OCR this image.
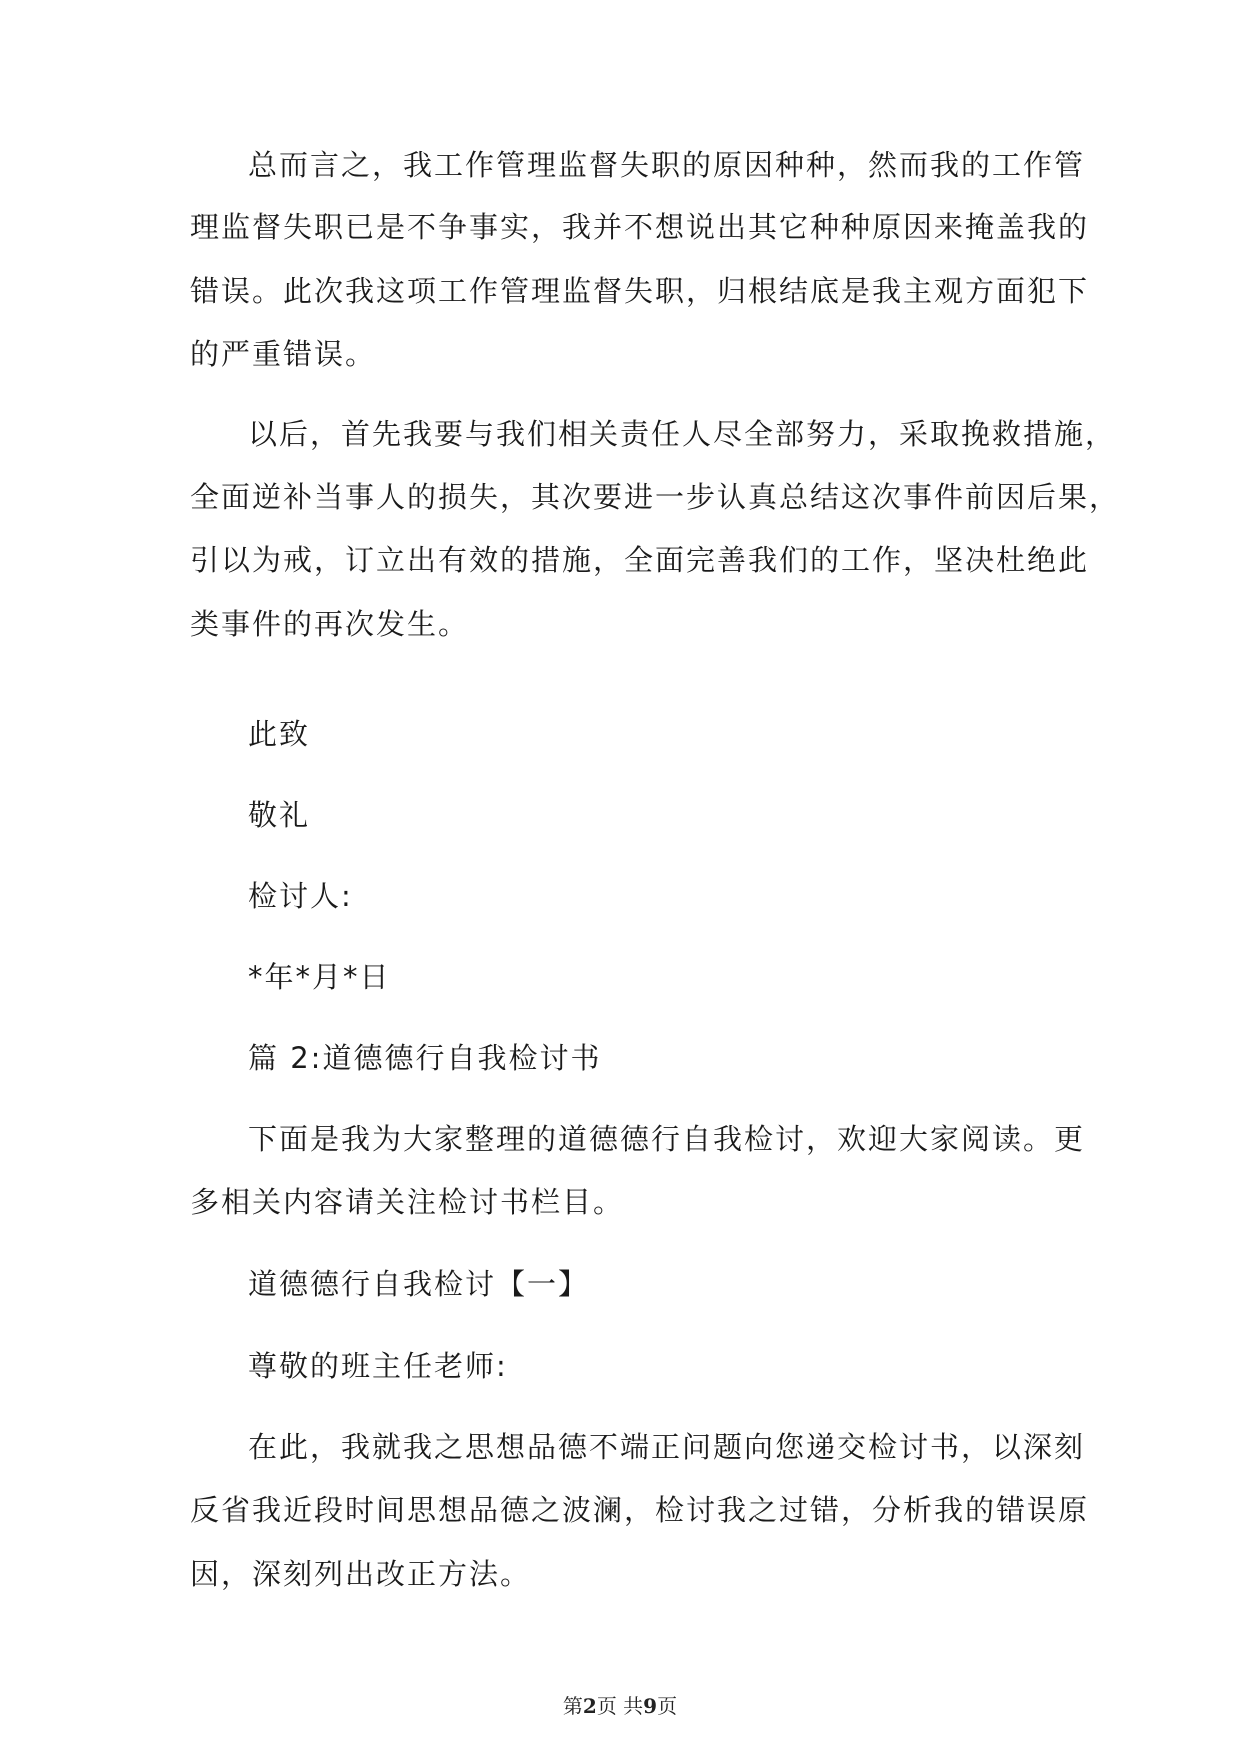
总而言之，我工作管理监督失职的原因种种，然而我的工作管
理监督失职已是不争事实，我并不想说出其它种种原因来掩盖我的
错误。此次我这项工作管理监督失职，归根结底是我主观方面犯下
的严重错误。
以后，首先我要与我们相关责任人尽全部努力，采取挽救措施，
全面逆补当事人的损失，其次要进一步认真总结这次事件前因后果，
引以为戒，订立出有效的措施，全面完善我们的工作，坚决杜绝此
类事件的再次发生。
此致
敬礼
检讨人:
*年*月*日
篇 2:道德德行自我检讨书
下面是我为大家整理的道德德行自我检讨，欢迎大家阅读。更
多相关内容请关注检讨书栏目。
道德德行自我检讨【一】
尊敬的班主任老师:
在此，我就我之思想品德不端正问题向您递交检讨书，以深刻
反省我近段时间思想品德之波澜，检讨我之过错，分析我的错误原
因，深刻列出改正方法。
第2页 共9页
